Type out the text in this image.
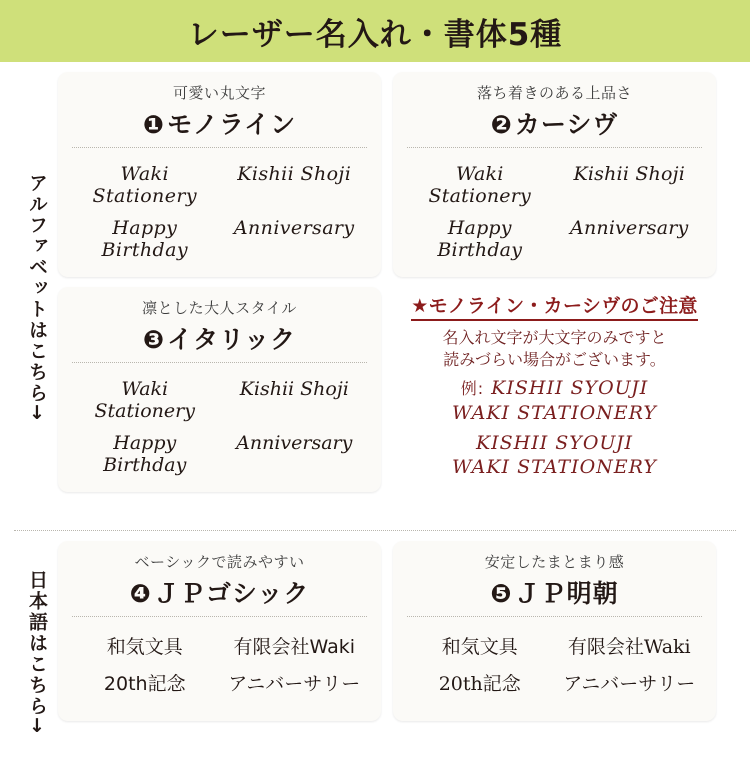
レーザー名入れ・書体5種
アルファベットはこちら→
可愛い丸文字
❶モノライン
Waki Stationery
Kishii Shoji
Happy Birthday
Anniversary
落ち着きのある上品さ
❷カーシヴ
Waki Stationery
Kishii Shoji
Happy Birthday
Anniversary
凛とした大人スタイル
❸イタリック
Waki Stationery
Kishii Shoji
Happy Birthday
Anniversary
★モノライン・カーシヴのご注意
名入れ文字が大文字のみですと
読みづらい場合がございます。
例: KISHII SYOUJI
WAKI STATIONERY
KISHII SYOUJI
WAKI STATIONERY
日本語はこちら→
ベーシックで読みやすい
❹ＪＰゴシック
和気文具	有限会社Waki
20th記念	アニバーサリー
安定したまとまり感
❺ＪＰ明朝
和気文具	有限会社Waki
20th記念	アニバーサリー
